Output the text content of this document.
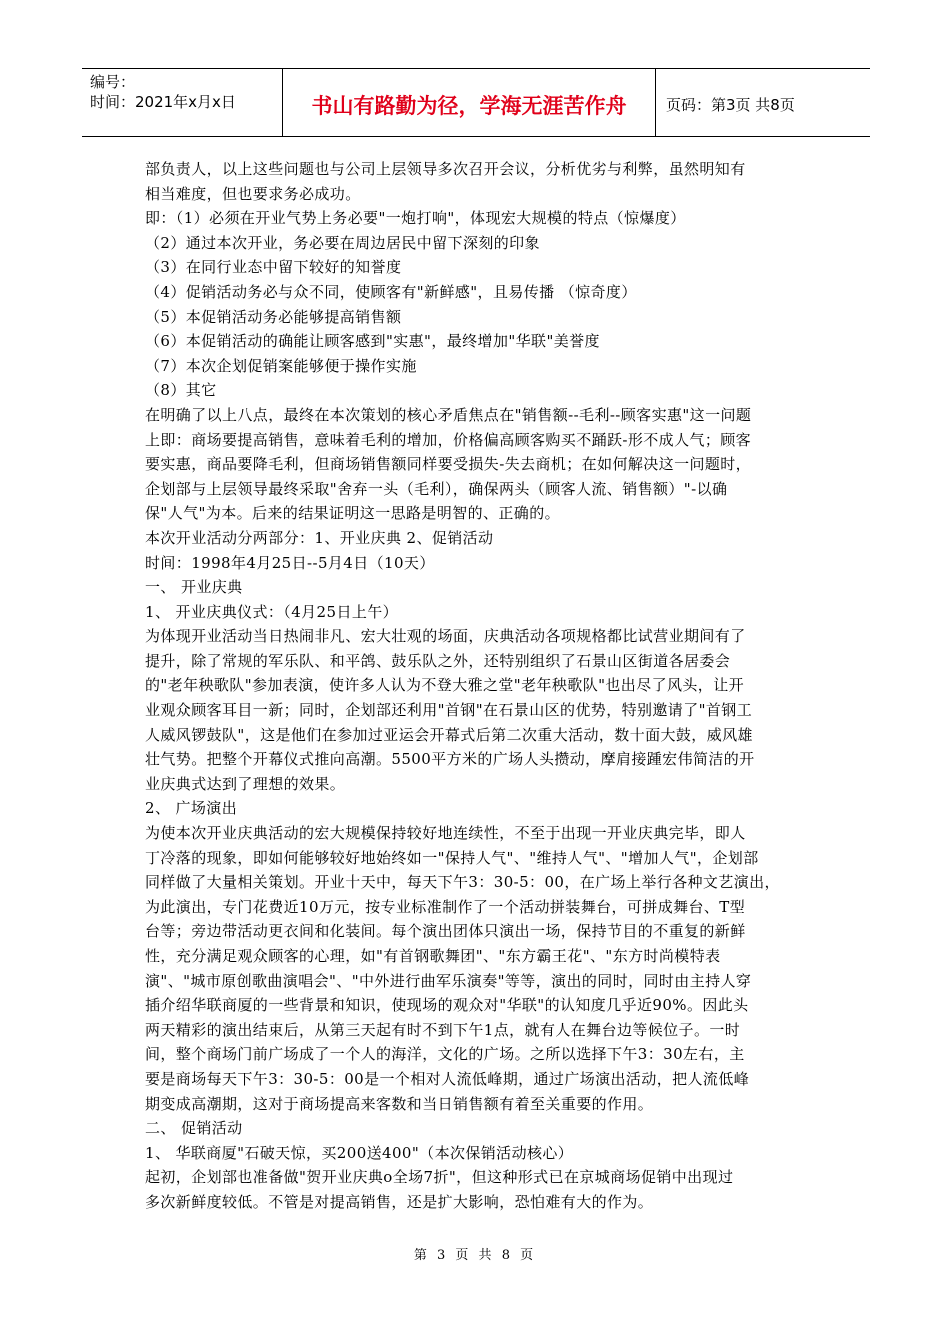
编号：
时间：2021年x月x日	书山有路勤为径，学海无涯苦作舟	页码：第3页 共8页
部负责人，以上这些问题也与公司上层领导多次召开会议，分析优劣与利弊，虽然明知有
相当难度，但也要求务必成功。
即：（1）必须在开业气势上务必要"一炮打响"，体现宏大规模的特点（惊爆度）
（2）通过本次开业，务必要在周边居民中留下深刻的印象
（3）在同行业态中留下较好的知誉度
（4）促销活动务必与众不同，使顾客有"新鲜感"，且易传播 （惊奇度）
（5）本促销活动务必能够提高销售额
（6）本促销活动的确能让顾客感到"实惠"，最终增加"华联"美誉度
（7）本次企划促销案能够便于操作实施
（8）其它
在明确了以上八点，最终在本次策划的核心矛盾焦点在"销售额--毛利--顾客实惠"这一问题
上即：商场要提高销售，意味着毛利的增加，价格偏高顾客购买不踊跃-形不成人气；顾客
要实惠，商品要降毛利，但商场销售额同样要受损失-失去商机；在如何解决这一问题时，
企划部与上层领导最终采取"舍弃一头（毛利），确保两头（顾客人流、销售额）"-以确
保"人气"为本。后来的结果证明这一思路是明智的、正确的。
本次开业活动分两部分：1、开业庆典 2、促销活动
时间：1998年4月25日--5月4日（10天）
一、 开业庆典
1、 开业庆典仪式：（4月25日上午）
为体现开业活动当日热闹非凡、宏大壮观的场面，庆典活动各项规格都比试营业期间有了
提升，除了常规的军乐队、和平鸽、鼓乐队之外，还特别组织了石景山区街道各居委会
的"老年秧歌队"参加表演，使许多人认为不登大雅之堂"老年秧歌队"也出尽了风头，让开
业观众顾客耳目一新；同时，企划部还利用"首钢"在石景山区的优势，特别邀请了"首钢工
人威风锣鼓队"，这是他们在参加过亚运会开幕式后第二次重大活动，数十面大鼓，威风雄
壮气势。把整个开幕仪式推向高潮。5500平方米的广场人头攒动，摩肩接踵宏伟简洁的开
业庆典式达到了理想的效果。
2、 广场演出
为使本次开业庆典活动的宏大规模保持较好地连续性，不至于出现一开业庆典完毕，即人
丁冷落的现象，即如何能够较好地始终如一"保持人气"、"维持人气"、"增加人气"，企划部
同样做了大量相关策划。开业十天中，每天下午3：30-5：00，在广场上举行各种文艺演出，
为此演出，专门花费近10万元，按专业标准制作了一个活动拼装舞台，可拼成舞台、T型
台等；旁边带活动更衣间和化装间。每个演出团体只演出一场，保持节目的不重复的新鲜
性，充分满足观众顾客的心理，如"有首钢歌舞团"、"东方霸王花"、"东方时尚模特表
演"、"城市原创歌曲演唱会"、"中外进行曲军乐演奏"等等，演出的同时，同时由主持人穿
插介绍华联商厦的一些背景和知识，使现场的观众对"华联"的认知度几乎近90%。因此头
两天精彩的演出结束后，从第三天起有时不到下午1点，就有人在舞台边等候位子。一时
间，整个商场门前广场成了一个人的海洋，文化的广场。之所以选择下午3：30左右，主
要是商场每天下午3：30-5：00是一个相对人流低峰期，通过广场演出活动，把人流低峰
期变成高潮期，这对于商场提高来客数和当日销售额有着至关重要的作用。
二、 促销活动
1、 华联商厦"石破天惊，买200送400"（本次保销活动核心）
起初，企划部也准备做"贺开业庆典o全场7折"，但这种形式已在京城商场促销中出现过
多次新鲜度较低。不管是对提高销售，还是扩大影响，恐怕难有大的作为。
第 3 页 共 8 页
